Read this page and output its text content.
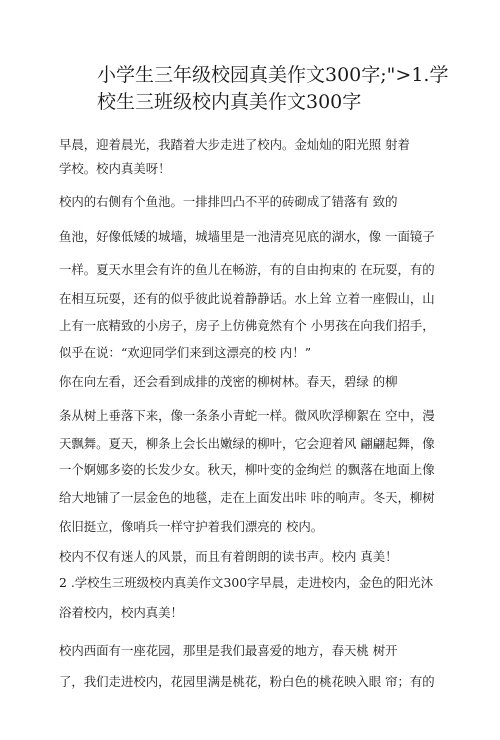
小学生三年级校园真美作文300字;">1.学
校生三班级校内真美作文300字
早晨，迎着晨光，我踏着大步走进了校内。金灿灿的阳光照 射着
学校。校内真美呀！
校内的右侧有个鱼池。一排排凹凸不平的砖砌成了错落有 致的
鱼池，好像低矮的城墙，城墙里是一池清亮见底的湖水，像 一面镜子
一样。夏天水里会有许的鱼儿在畅游，有的自由拘束的 在玩耍，有的
在相互玩耍，还有的似乎彼此说着静静话。水上耸 立着一座假山，山
上有一底精致的小房子，房子上仿佛竟然有个 小男孩在向我们招手，
似乎在说：“欢迎同学们来到这漂亮的校 内！”
你在向左看，还会看到成排的茂密的柳树林。春天，碧绿 的柳
条从树上垂落下来，像一条条小青蛇一样。微风吹浮柳絮在 空中，漫
天飘舞。夏天，柳条上会长出嫩绿的柳叶，它会迎着风 翩翩起舞，像
一个婀娜多姿的长发少女。秋天，柳叶变的金绚烂 的飘落在地面上像
给大地铺了一层金色的地毯，走在上面发出咔 咔的响声。冬天，柳树
依旧挺立，像哨兵一样守护着我们漂亮的 校内。
校内不仅有迷人的风景，而且有着朗朗的读书声。校内 真美！
2 .学校生三班级校内真美作文300字早晨，走进校内，金色的阳光沐
浴着校内，校内真美！
校内西面有一座花园，那里是我们最喜爱的地方，春天桃 树开
了，我们走进校内，花园里满是桃花，粉白色的桃花映入眼 帘；有的
